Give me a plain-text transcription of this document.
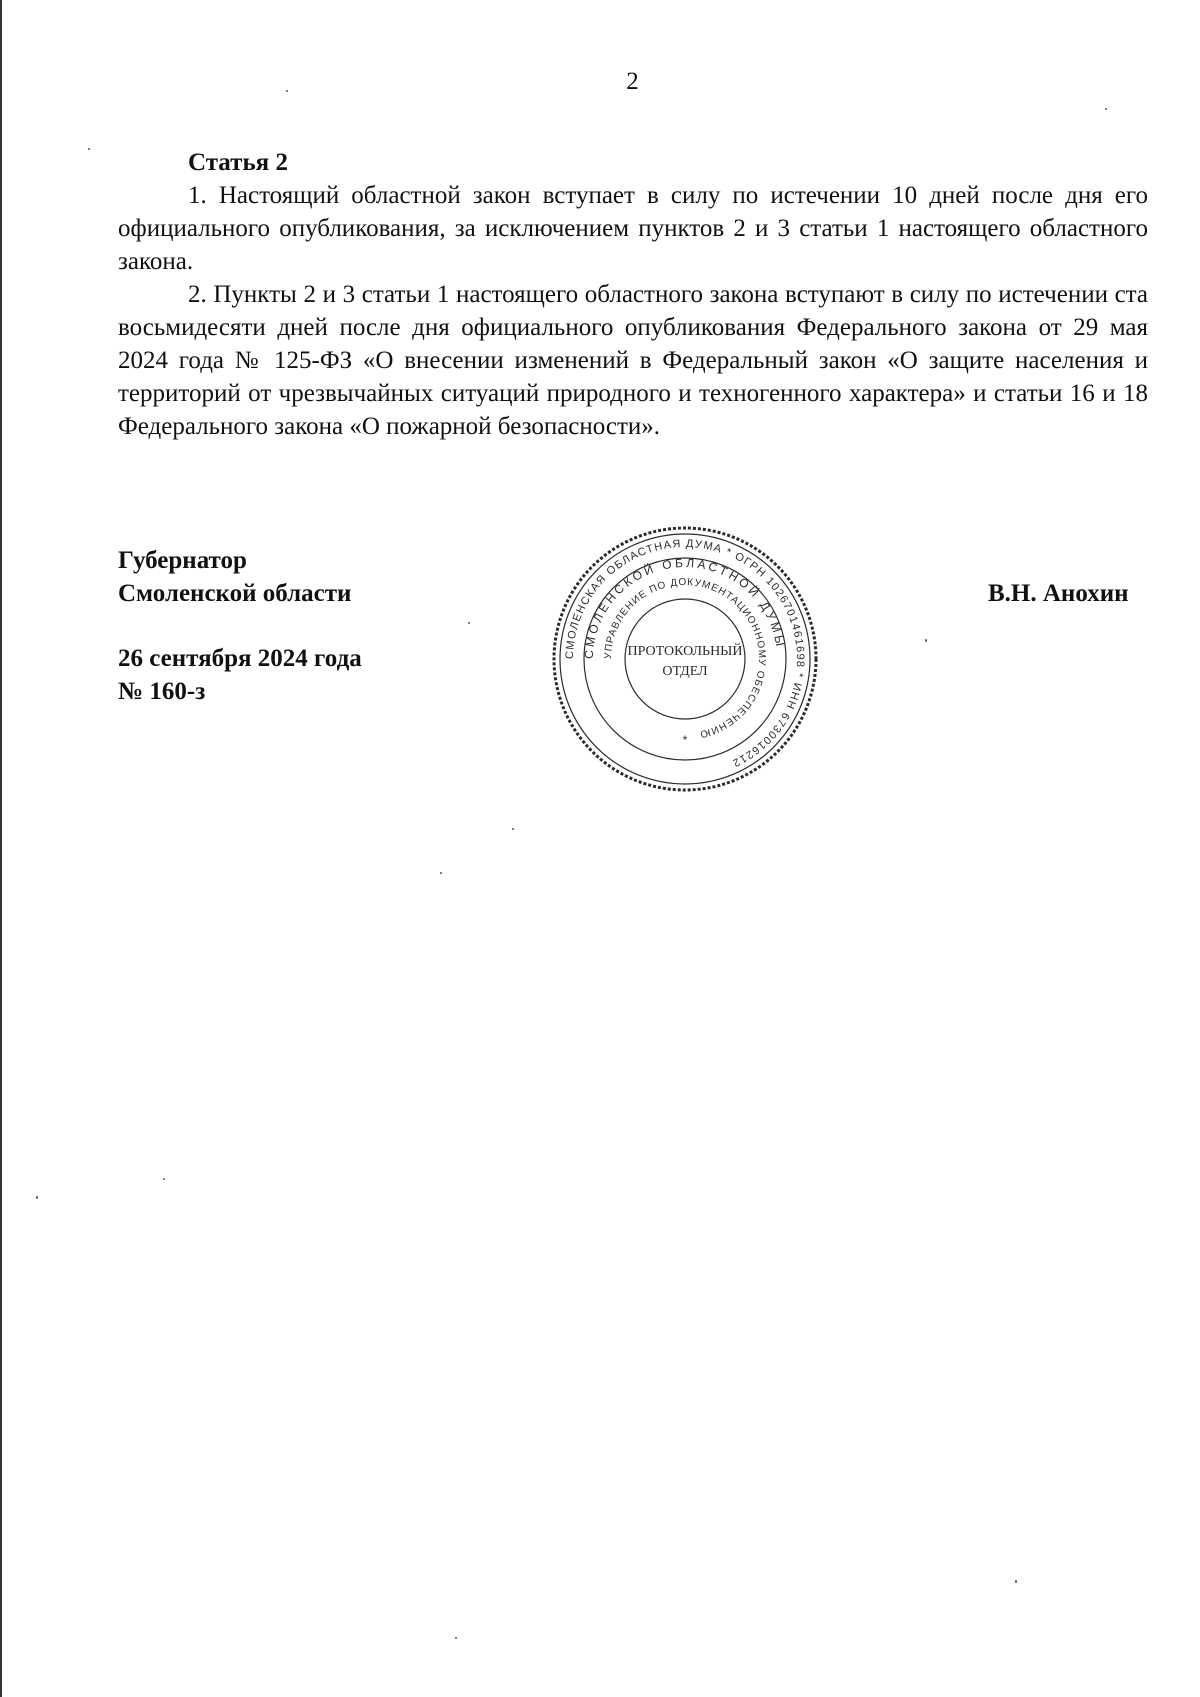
2

Статья 2

1. Настоящий областной закон вступает в силу по истечении 10 дней после дня его официального опубликования, за исключением пунктов 2 и 3 статьи 1 настоящего областного закона.

2. Пункты 2 и 3 статьи 1 настоящего областного закона вступают в силу по истечении ста восьмидесяти дней после дня официального опубликования Федерального закона от 29 мая 2024 года № 125-ФЗ «О внесении изменений в Федеральный закон «О защите населения и территорий от чрезвычайных ситуаций природного и техногенного характера» и статьи 16 и 18 Федерального закона «О пожарной безопасности».

Губернатор
Смоленской области	В.Н. Анохин
26 сентября 2024 года
№ 160-з
СМОЛЕНСКАЯ ОБЛАСТНАЯ ДУМА * ОГРН 1026701461698 * ИНН 6730016212
СМОЛЕНСКОЙ ОБЛАСТНОЙ ДУМЫ
УПРАВЛЕНИЕ ПО ДОКУМЕНТАЦИОННОМУ ОБЕСПЕЧЕНИЮ
ПРОТОКОЛЬНЫЙ
ОТДЕЛ
*
